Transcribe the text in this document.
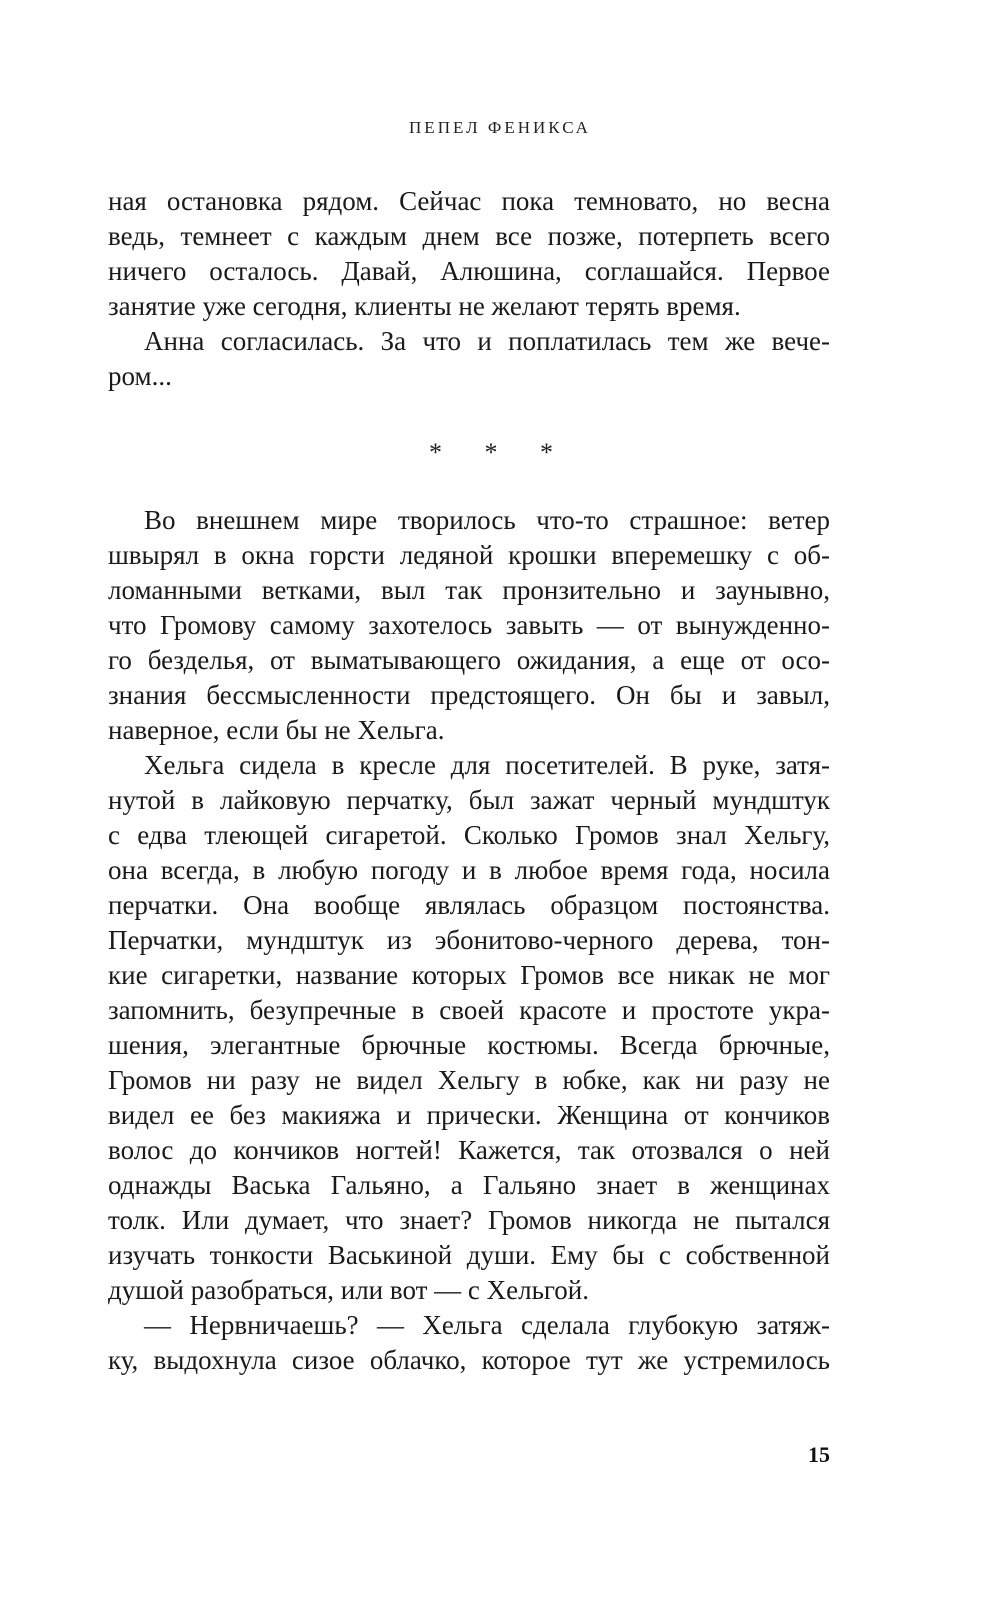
ПЕПЕЛ ФЕНИКСА
ная остановка рядом. Сейчас пока темновато, но весна
ведь, темнеет с каждым днем все позже, потерпеть всего
ничего осталось. Давай, Алюшина, соглашайся. Первое
занятие уже сегодня, клиенты не желают терять время.
Анна согласилась. За что и поплатилась тем же вече-
ром...
* * *
Во внешнем мире творилось что-то страшное: ветер
швырял в окна горсти ледяной крошки вперемешку с об-
ломанными ветками, выл так пронзительно и заунывно,
что Громову самому захотелось завыть — от вынужденно-
го безделья, от выматывающего ожидания, а еще от осо-
знания бессмысленности предстоящего. Он бы и завыл,
наверное, если бы не Хельга.
Хельга сидела в кресле для посетителей. В руке, затя-
нутой в лайковую перчатку, был зажат черный мундштук
с едва тлеющей сигаретой. Сколько Громов знал Хельгу,
она всегда, в любую погоду и в любое время года, носила
перчатки. Она вообще являлась образцом постоянства.
Перчатки, мундштук из эбонитово-черного дерева, тон-
кие сигаретки, название которых Громов все никак не мог
запомнить, безупречные в своей красоте и простоте укра-
шения, элегантные брючные костюмы. Всегда брючные,
Громов ни разу не видел Хельгу в юбке, как ни разу не
видел ее без макияжа и прически. Женщина от кончиков
волос до кончиков ногтей! Кажется, так отозвался о ней
однажды Васька Гальяно, а Гальяно знает в женщинах
толк. Или думает, что знает? Громов никогда не пытался
изучать тонкости Васькиной души. Ему бы с собственной
душой разобраться, или вот — с Хельгой.
— Нервничаешь? — Хельга сделала глубокую затяж-
ку, выдохнула сизое облачко, которое тут же устремилось
15
